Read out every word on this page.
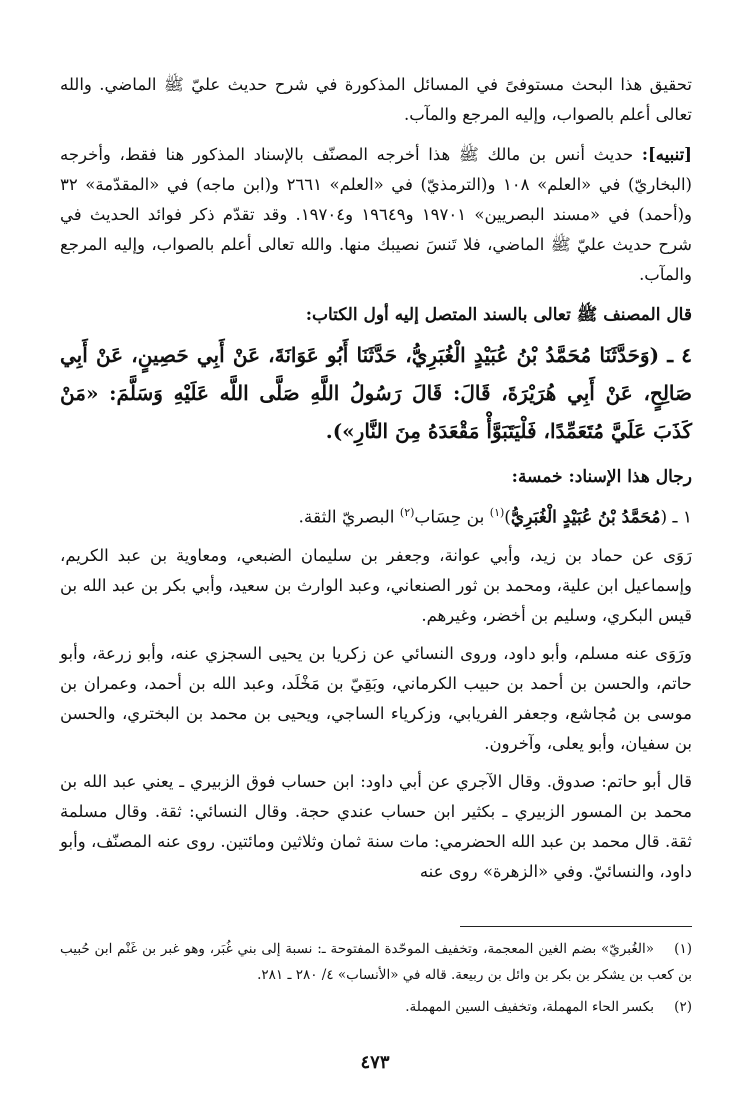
تحقيق هذا البحث مستوفىً في المسائل المذكورة في شرح حديث عليّ ﷺ الماضي. والله تعالى أعلم بالصواب، وإليه المرجع والمآب.

[تنبيه]: حديث أنس بن مالك ﷺ هذا أخرجه المصنّف بالإسناد المذكور هنا فقط، وأخرجه (البخاريّ) في «العلم» ١٠٨ و(الترمذيّ) في «العلم» ٢٦٦١ و(ابن ماجه) في «المقدّمة» ٣٢ و(أحمد) في «مسند البصريين» ١٩٧٠١ و١٩٦٤٩ و١٩٧٠٤. وقد تقدّم ذكر فوائد الحديث في شرح حديث عليّ ﷺ الماضي، فلا تَنسَ نصيبك منها. والله تعالى أعلم بالصواب، وإليه المرجع والمآب.

قال المصنف ﷺ تعالى بالسند المتصل إليه أول الكتاب:

٤ ـ (وَحَدَّثَنَا مُحَمَّدُ بْنُ عُبَيْدٍ الْغُبَرِيُّ، حَدَّثَنَا أَبُو عَوَانَةَ، عَنْ أَبِي حَصِينٍ، عَنْ أَبِي صَالِحٍ، عَنْ أَبِي هُرَيْرَةَ، قَالَ: قَالَ رَسُولُ اللَّهِ صَلَّى اللَّه عَلَيْهِ وَسَلَّمَ: «مَنْ كَذَبَ عَلَيَّ مُتَعَمِّدًا، فَلْيَتَبَوَّأْ مَقْعَدَهُ مِنَ النَّارِ»).

رجال هذا الإسناد: خمسة:

١ ـ (مُحَمَّدُ بْنُ عُبَيْدٍ الْغُبَرِيُّ)$^{(١)}$ بن حِسَاب$^{(٢)}$ البصريّ الثقة.

رَوَى عن حماد بن زيد، وأبي عوانة، وجعفر بن سليمان الضبعي، ومعاوية بن عبد الكريم، وإسماعيل ابن علية، ومحمد بن ثور الصنعاني، وعبد الوارث بن سعيد، وأبي بكر بن عبد الله بن قيس البكري، وسليم بن أخضر، وغيرهم.

ورَوَى عنه مسلم، وأبو داود، وروى النسائي عن زكريا بن يحيى السجزي عنه، وأبو زرعة، وأبو حاتم، والحسن بن أحمد بن حبيب الكرماني، وبَقِيّ بن مَخْلَد، وعبد الله بن أحمد، وعمران بن موسى بن مُجاشع، وجعفر الفريابي، وزكرياء الساجي، ويحيى بن محمد بن البختري، والحسن بن سفيان، وأبو يعلى، وآخرون.

قال أبو حاتم: صدوق. وقال الآجري عن أبي داود: ابن حساب فوق الزبيري ـ يعني عبد الله بن محمد بن المسور الزبيري ـ بكثير ابن حساب عندي حجة. وقال النسائي: ثقة. وقال مسلمة ثقة. قال محمد بن عبد الله الحضرمي: مات سنة ثمان وثلاثين ومائتين. روى عنه المصنّف، وأبو داود، والنسائيّ. وفي «الزهرة» روى عنه

(١)«الغُبريّ» بضم الغين المعجمة، وتخفيف الموحّدة المفتوحة ـ: نسبة إلى بني غُبَر، وهو غبر بن غَنْم ابن حُبيب بن كعب بن يشكر بن بكر بن وائل بن ربيعة. قاله في «الأنساب» ٤/ ٢٨٠ ـ ٢٨١.

(٢)بكسر الحاء المهملة، وتخفيف السين المهملة.

٤٧٣
